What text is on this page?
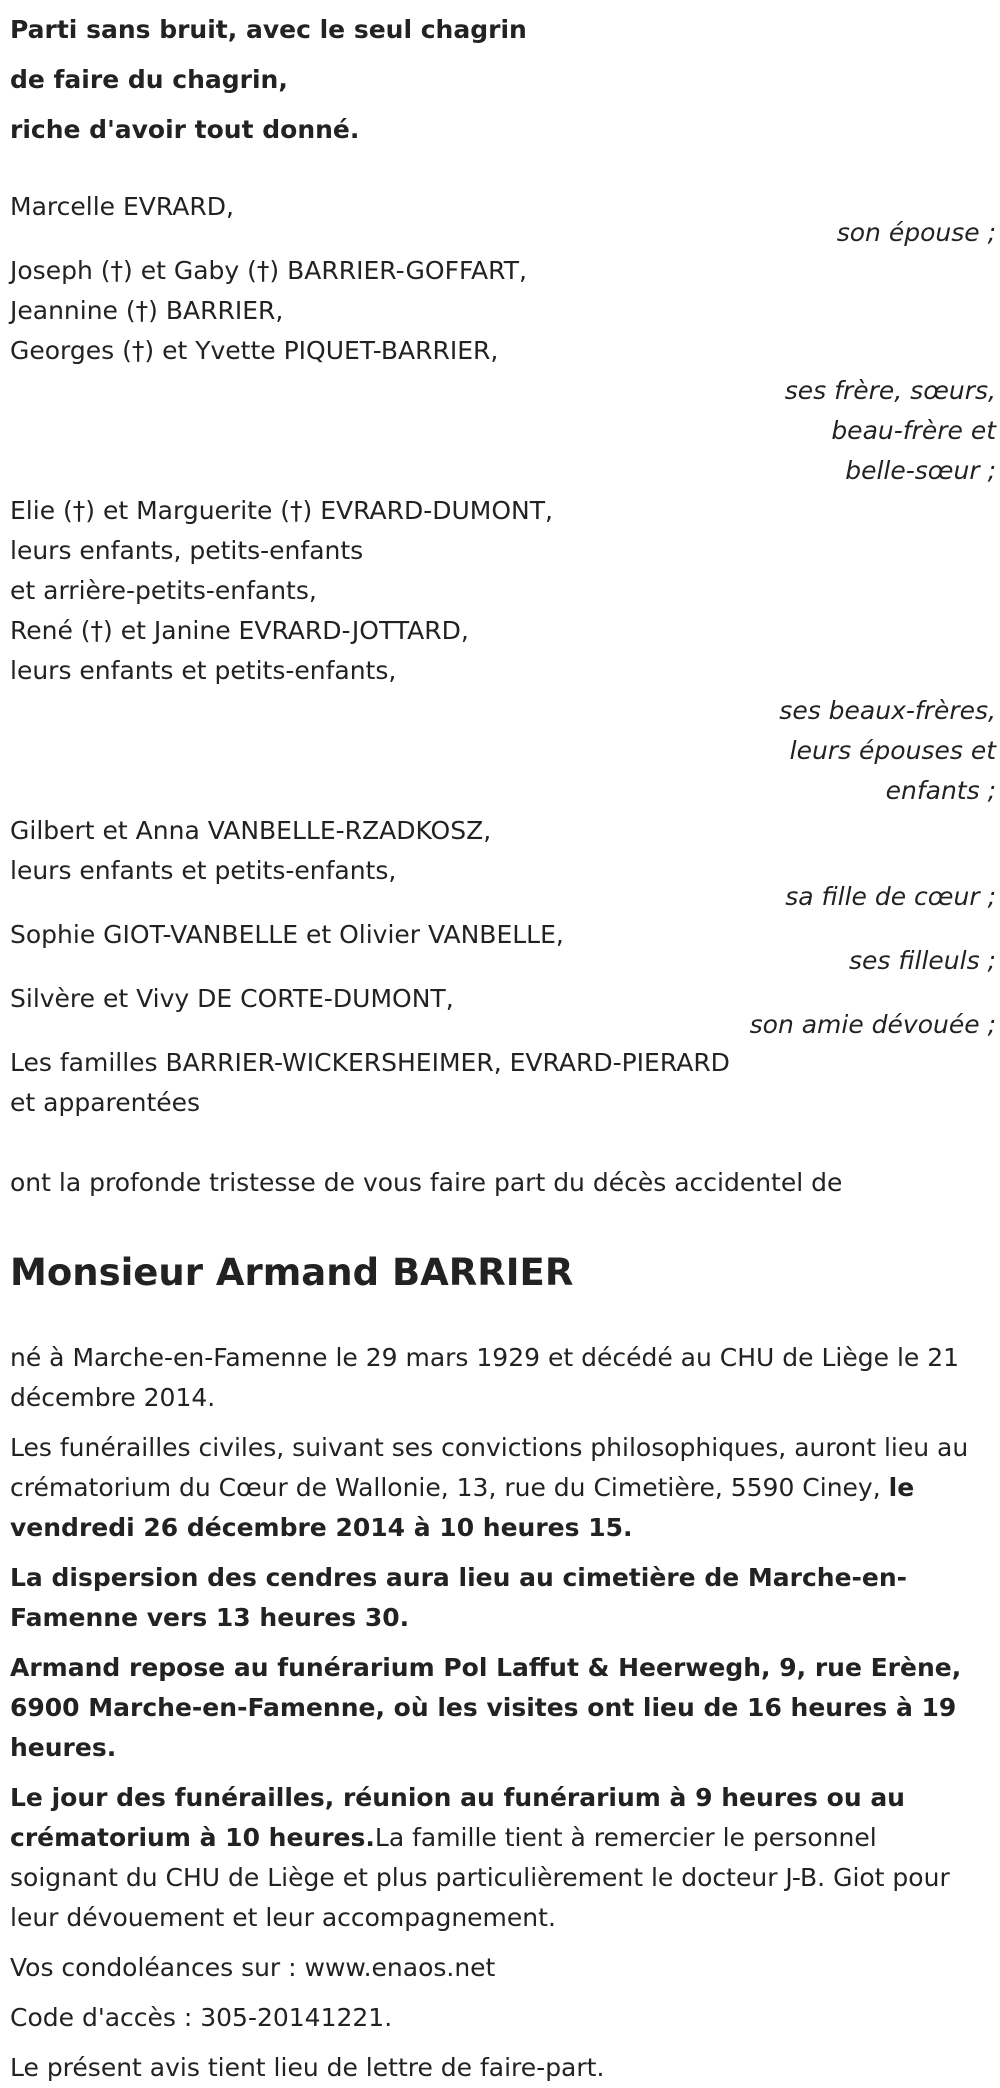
Parti sans bruit, avec le seul chagrin
de faire du chagrin,
riche d'avoir tout donné.
Marcelle EVRARD,
son épouse ;
Joseph (†) et Gaby (†) BARRIER-GOFFART,
Jeannine (†) BARRIER,
Georges (†) et Yvette PIQUET-BARRIER,
ses frère, sœurs,
beau-frère et
belle-sœur ;
Elie (†) et Marguerite (†) EVRARD-DUMONT,
leurs enfants, petits-enfants
et arrière-petits-enfants,
René (†) et Janine EVRARD-JOTTARD,
leurs enfants et petits-enfants,
ses beaux-frères,
leurs épouses et
enfants ;
Gilbert et Anna VANBELLE-RZADKOSZ,
leurs enfants et petits-enfants,
sa fille de cœur ;
Sophie GIOT-VANBELLE et Olivier VANBELLE,
ses filleuls ;
Silvère et Vivy DE CORTE-DUMONT,
son amie dévouée ;
Les familles BARRIER-WICKERSHEIMER, EVRARD-PIERARD
et apparentées
ont la profonde tristesse de vous faire part du décès accidentel de
Monsieur Armand BARRIER
né à Marche-en-Famenne le 29 mars 1929 et décédé au CHU de Liège le 21 décembre 2014.
Les funérailles civiles, suivant ses convictions philosophiques, auront lieu au crématorium du Cœur de Wallonie, 13, rue du Cimetière, 5590 Ciney, le vendredi 26 décembre 2014 à 10 heures 15.
La dispersion des cendres aura lieu au cimetière de Marche-en-Famenne vers 13 heures 30.
Armand repose au funérarium Pol Laffut & Heerwegh, 9, rue Erène, 6900 Marche-en-Famenne, où les visites ont lieu de 16 heures à 19 heures.
Le jour des funérailles, réunion au funérarium à 9 heures ou au crématorium à 10 heures.La famille tient à remercier le personnel soignant du CHU de Liège et plus particulièrement le docteur J-B. Giot pour leur dévouement et leur accompagnement.
Vos condoléances sur : www.enaos.net
Code d'accès : 305-20141221.
Le présent avis tient lieu de lettre de faire-part.
